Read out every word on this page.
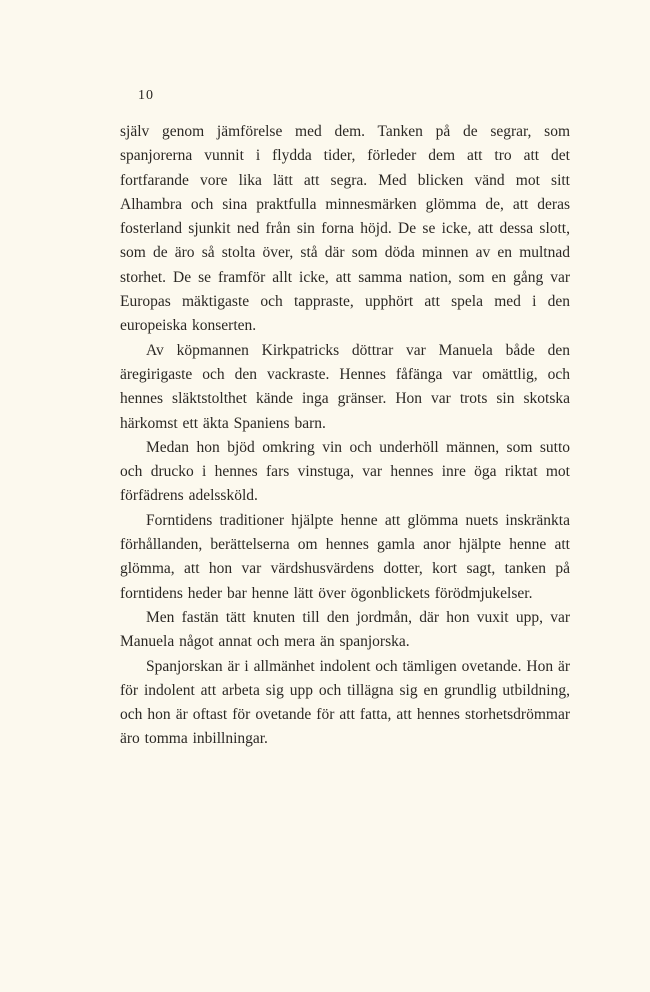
10

själv genom jämförelse med dem. Tanken på de segrar, som spanjorerna vunnit i flydda tider, förleder dem att tro att det fortfarande vore lika lätt att segra. Med blicken vänd mot sitt Alhambra och sina praktfulla minnesmärken glömma de, att deras fosterland sjunkit ned från sin forna höjd. De se icke, att dessa slott, som de äro så stolta över, stå där som döda minnen av en multnad storhet. De se framför allt icke, att samma nation, som en gång var Europas mäktigaste och tappraste, upphört att spela med i den europeiska konserten.

Av köpmannen Kirkpatricks döttrar var Manuela både den äregirigaste och den vackraste. Hennes fåfänga var omättlig, och hennes släktstolthet kände inga gränser. Hon var trots sin skotska härkomst ett äkta Spaniens barn.

Medan hon bjöd omkring vin och underhöll männen, som sutto och drucko i hennes fars vinstuga, var hennes inre öga riktat mot förfädrens adelssköld.

Forntidens traditioner hjälpte henne att glömma nuets inskränkta förhållanden, berättelserna om hennes gamla anor hjälpte henne att glömma, att hon var värdshusvärdens dotter, kort sagt, tanken på forntidens heder bar henne lätt över ögonblickets förödmjukelser.

Men fastän tätt knuten till den jordmån, där hon vuxit upp, var Manuela något annat och mera än spanjorska.

Spanjorskan är i allmänhet indolent och tämligen ovetande. Hon är för indolent att arbeta sig upp och tillägna sig en grundlig utbildning, och hon är oftast för ovetande för att fatta, att hennes storhetsdrömmar äro tomma inbillningar.
